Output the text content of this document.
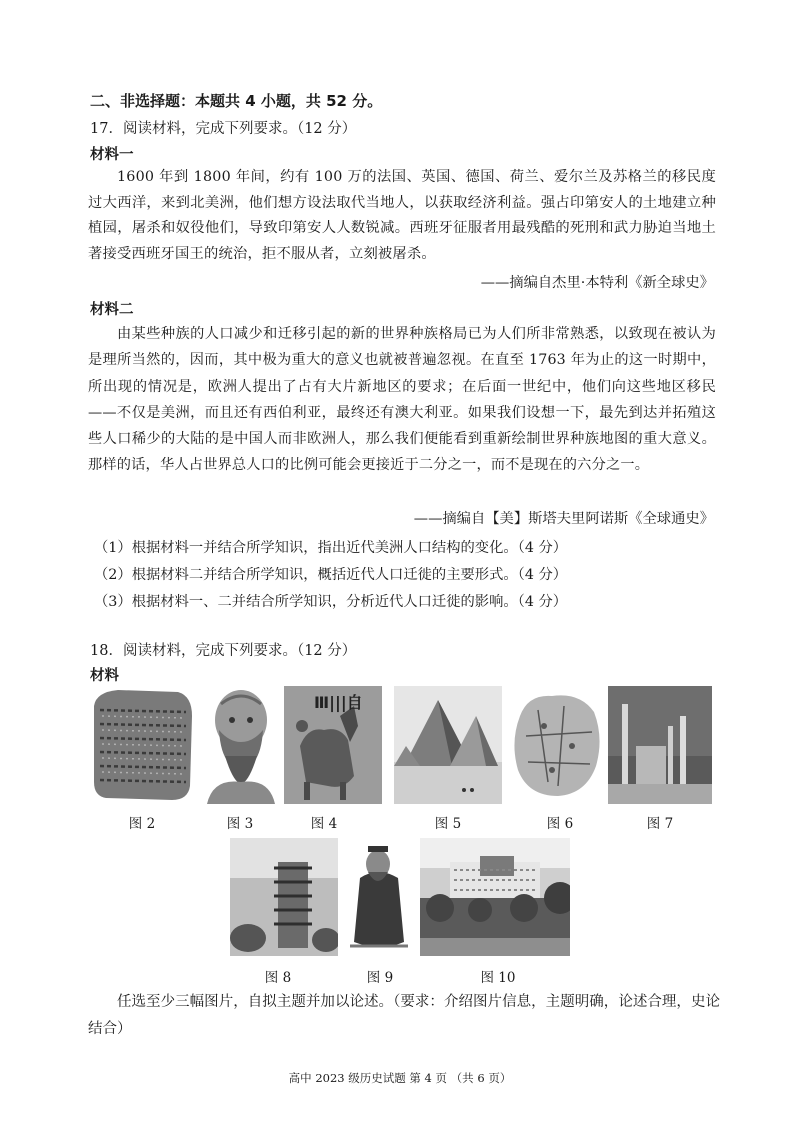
二、非选择题：本题共 4 小题，共 52 分。
17．阅读材料，完成下列要求。（12 分）
材料一
1600 年到 1800 年间，约有 100 万的法国、英国、德国、荷兰、爱尔兰及苏格兰的移民度过大西洋，来到北美洲，他们想方设法取代当地人，以获取经济利益。强占印第安人的土地建立种植园，屠杀和奴役他们，导致印第安人人数锐减。西班牙征服者用最残酷的死刑和武力胁迫当地土著接受西班牙国王的统治，拒不服从者，立刻被屠杀。
——摘编自杰里·本特利《新全球史》
材料二
由某些种族的人口减少和迁移引起的新的世界种族格局已为人们所非常熟悉，以致现在被认为是理所当然的，因而，其中极为重大的意义也就被普遍忽视。在直至 1763 年为止的这一时期中，所出现的情况是，欧洲人提出了占有大片新地区的要求；在后面一世纪中，他们向这些地区移民——不仅是美洲，而且还有西伯利亚，最终还有澳大利亚。如果我们设想一下，最先到达并拓殖这些人口稀少的大陆的是中国人而非欧洲人，那么我们便能看到重新绘制世界种族地图的重大意义。那样的话，华人占世界总人口的比例可能会更接近于二分之一，而不是现在的六分之一。
——摘编自【美】斯塔夫里阿诺斯《全球通史》
（1）根据材料一并结合所学知识，指出近代美洲人口结构的变化。（4 分）
（2）根据材料二并结合所学知识，概括近代人口迁徙的主要形式。（4 分）
（3）根据材料一、二并结合所学知识，分析近代人口迁徙的影响。（4 分）
18．阅读材料，完成下列要求。（12 分）
材料
图 2	图 3
Ⅲ|||自
图 4	图 5	图 6	图 7
图 8	图 9	图 10
任选至少三幅图片，自拟主题并加以论述。（要求：介绍图片信息，主题明确，论述合理，史论结合）
高中 2023 级历史试题 第 4 页 （共 6 页）
